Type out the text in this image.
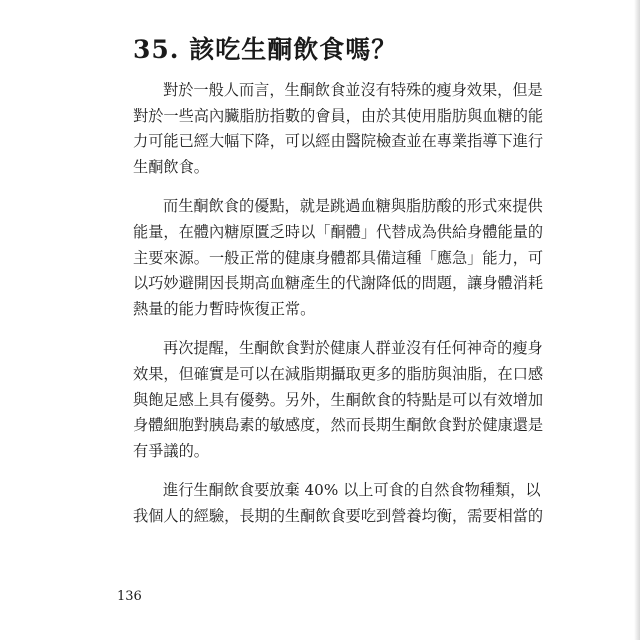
35. 該吃生酮飲食嗎？

對於一般人而言，生酮飲食並沒有特殊的瘦身效果，但是
對於一些高內臟脂肪指數的會員，由於其使用脂肪與血糖的能
力可能已經大幅下降，可以經由醫院檢查並在專業指導下進行
生酮飲食。

而生酮飲食的優點，就是跳過血糖與脂肪酸的形式來提供
能量，在體內糖原匱乏時以「酮體」代替成為供給身體能量的
主要來源。一般正常的健康身體都具備這種「應急」能力，可
以巧妙避開因長期高血糖產生的代謝降低的問題，讓身體消耗
熱量的能力暫時恢復正常。

再次提醒，生酮飲食對於健康人群並沒有任何神奇的瘦身
效果，但確實是可以在減脂期攝取更多的脂肪與油脂，在口感
與飽足感上具有優勢。另外，生酮飲食的特點是可以有效增加
身體細胞對胰島素的敏感度，然而長期生酮飲食對於健康還是
有爭議的。

進行生酮飲食要放棄 40% 以上可食的自然食物種類，以
我個人的經驗，長期的生酮飲食要吃到營養均衡，需要相當的

136
